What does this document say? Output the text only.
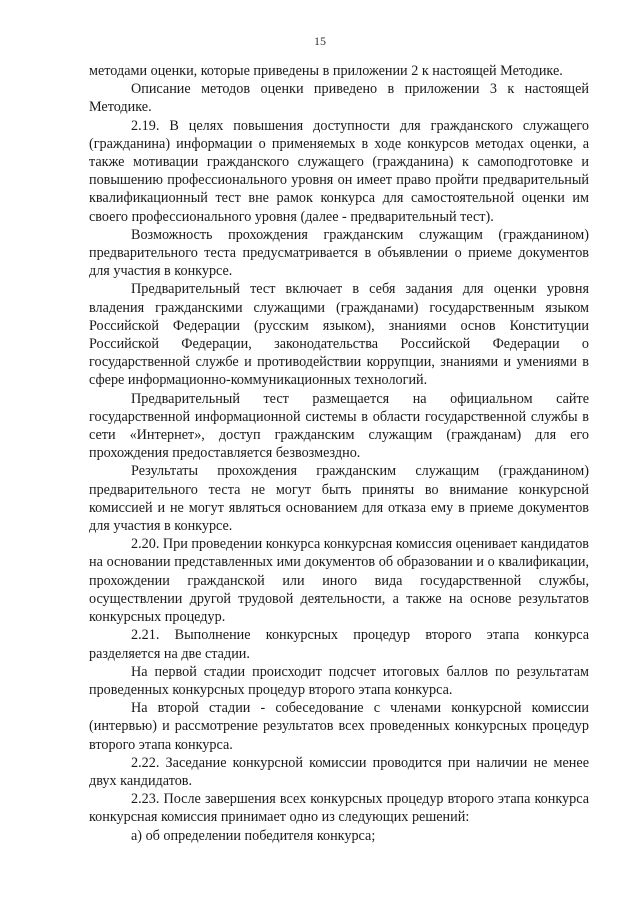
15

методами оценки, которые приведены в приложении 2 к настоящей Методике.

Описание методов оценки приведено в приложении 3 к настоящей Методике.

2.19. В целях повышения доступности для гражданского служащего (гражданина) информации о применяемых в ходе конкурсов методах оценки, а также мотивации гражданского служащего (гражданина) к самоподготовке и повышению профессионального уровня он имеет право пройти предварительный квалификационный тест вне рамок конкурса для самостоятельной оценки им своего профессионального уровня (далее - предварительный тест).

Возможность прохождения гражданским служащим (гражданином) предварительного теста предусматривается в объявлении о приеме документов для участия в конкурсе.

Предварительный тест включает в себя задания для оценки уровня владения гражданскими служащими (гражданами) государственным языком Российской Федерации (русским языком), знаниями основ Конституции Российской Федерации, законодательства Российской Федерации о государственной службе и противодействии коррупции, знаниями и умениями в сфере информационно-коммуникационных технологий.

Предварительный тест размещается на официальном сайте государственной информационной системы в области государственной службы в сети «Интернет», доступ гражданским служащим (гражданам) для его прохождения предоставляется безвозмездно.

Результаты прохождения гражданским служащим (гражданином) предварительного теста не могут быть приняты во внимание конкурсной комиссией и не могут являться основанием для отказа ему в приеме документов для участия в конкурсе.

2.20. При проведении конкурса конкурсная комиссия оценивает кандидатов на основании представленных ими документов об образовании и о квалификации, прохождении гражданской или иного вида государственной службы, осуществлении другой трудовой деятельности, а также на основе результатов конкурсных процедур.

2.21. Выполнение конкурсных процедур второго этапа конкурса разделяется на две стадии.

На первой стадии происходит подсчет итоговых баллов по результатам проведенных конкурсных процедур второго этапа конкурса.

На второй стадии - собеседование с членами конкурсной комиссии (интервью) и рассмотрение результатов всех проведенных конкурсных процедур второго этапа конкурса.

2.22. Заседание конкурсной комиссии проводится при наличии не менее двух кандидатов.

2.23. После завершения всех конкурсных процедур второго этапа конкурса конкурсная комиссия принимает одно из следующих решений:

а) об определении победителя конкурса;
